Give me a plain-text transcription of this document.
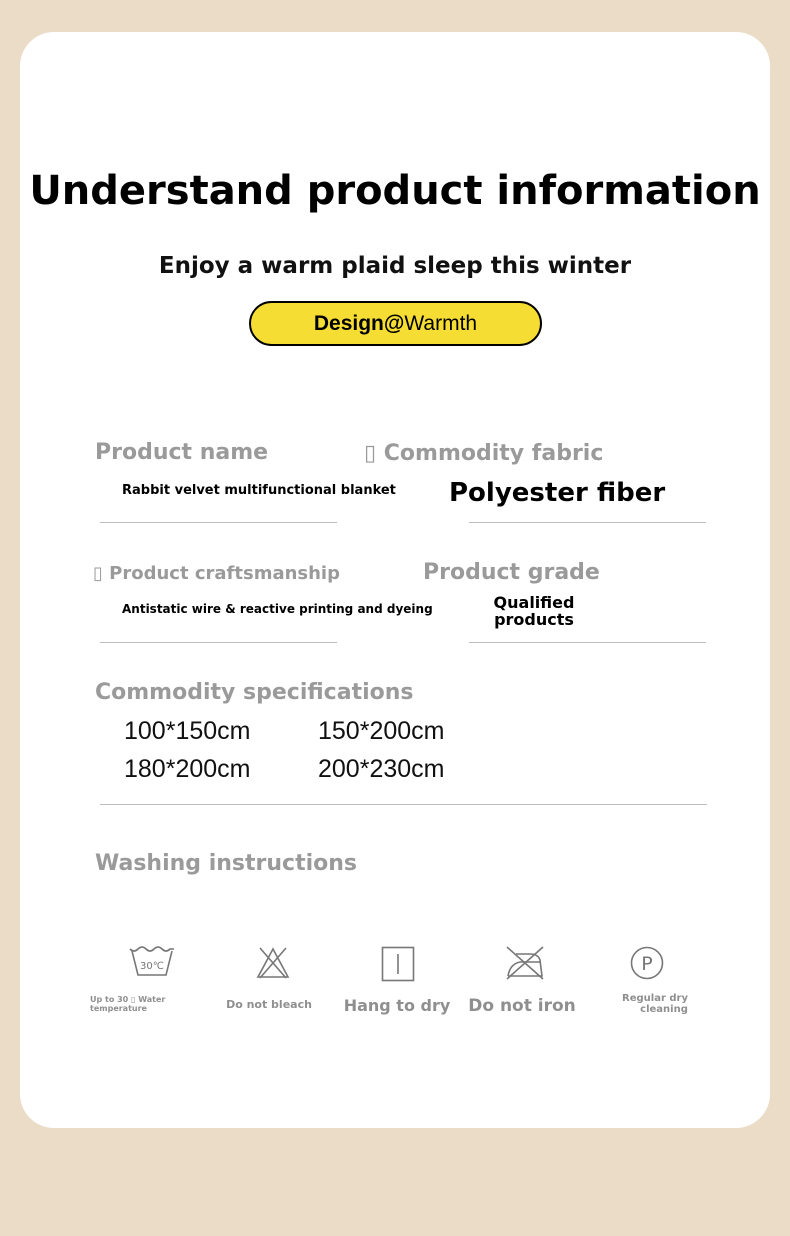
Understand product information
Enjoy a warm plaid sleep this winter
Design@ Warmth
Product name
Rabbit velvet multifunctional blanket
▯ Commodity fabric
Polyester fiber
▯ Product craftsmanship
Antistatic wire & reactive printing and dyeing
Product grade
Qualified
products
Commodity specifications
100*150cm	150*200cm
180*200cm	200*230cm
Washing instructions
30℃
Up to 30 ▯ Water
temperature	Do not bleach	Hang to dry	Do not iron
P
Regular dry
cleaning
